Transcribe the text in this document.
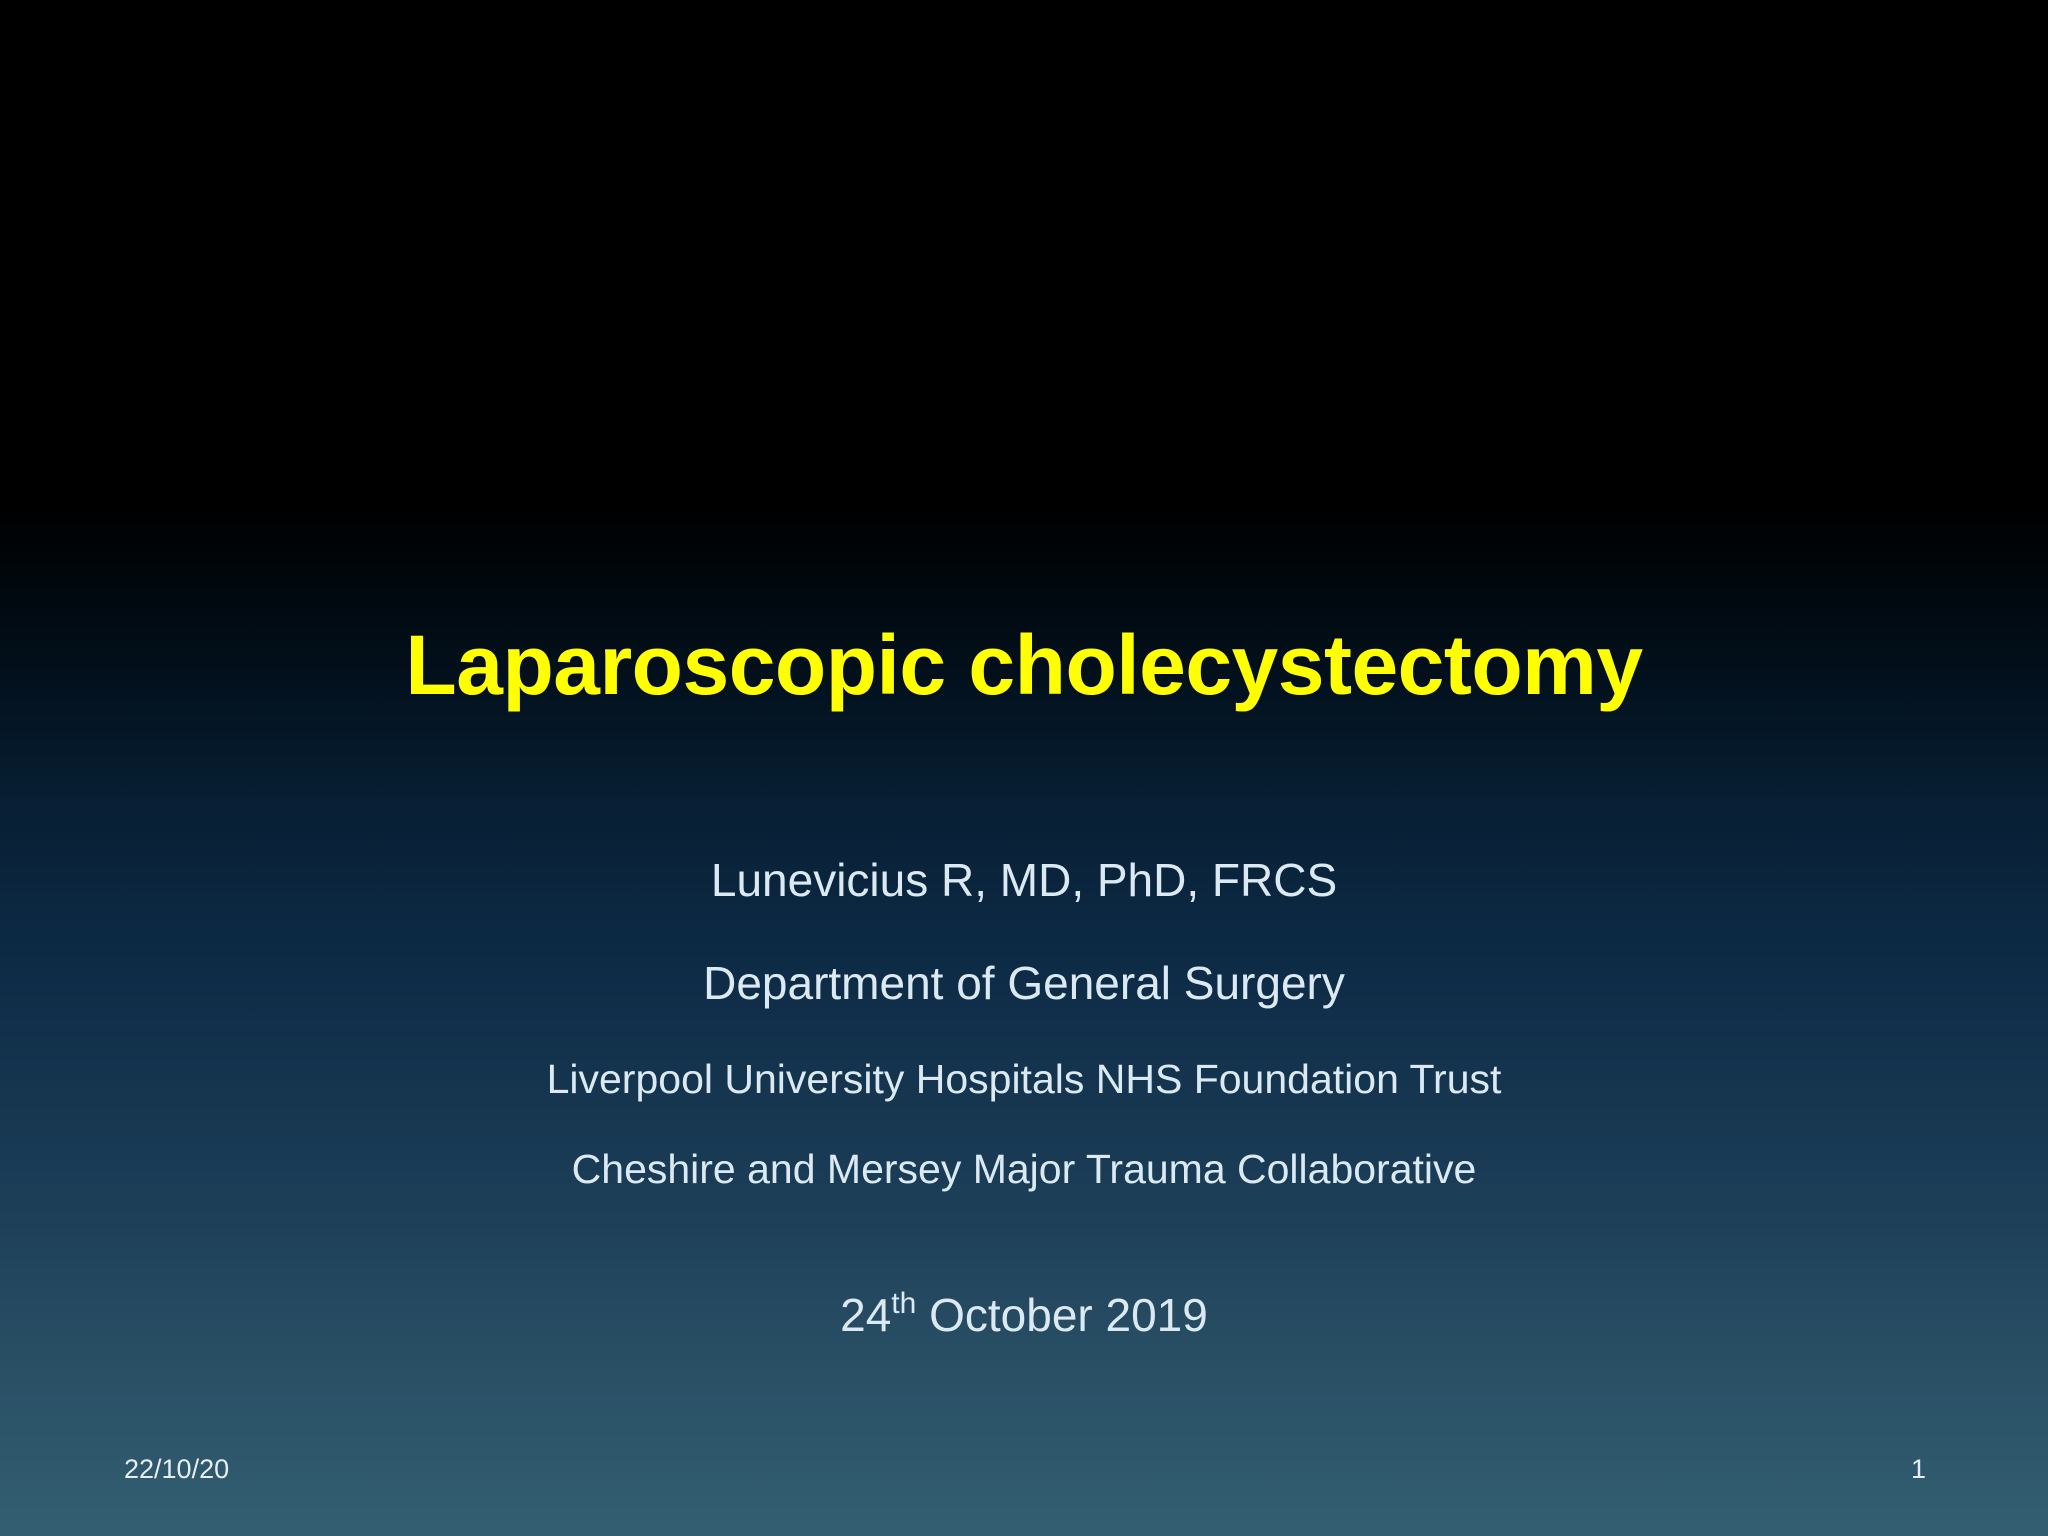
Laparoscopic cholecystectomy
Lunevicius R, MD, PhD, FRCS
Department of General Surgery
Liverpool University Hospitals NHS Foundation Trust
Cheshire and Mersey Major Trauma Collaborative
24th October 2019
22/10/20	1
